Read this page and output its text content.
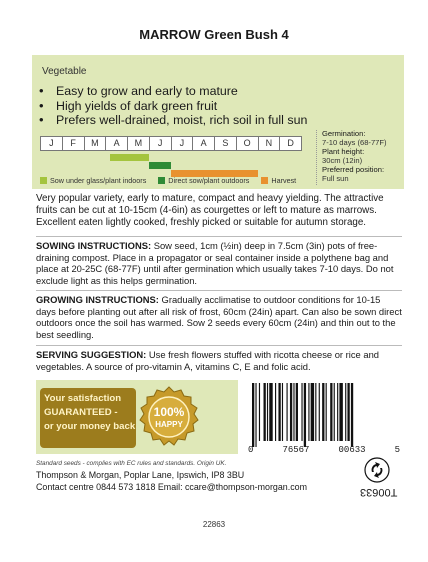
MARROW Green Bush 4
Vegetable
• Easy to grow and early to mature
• High yields of dark green fruit
• Prefers well-drained, moist, rich soil in full sun
J	F	M	A	M	J	J	A	S	O	N	D
Sow under glass/plant indoors	Direct sow/plant outdoors	Harvest
Germination:
7-10 days (68-77F)
Plant height:
30cm (12in)
Preferred position:
Full sun
Very popular variety, early to mature, compact and heavy yielding. The attractive fruits can be cut at 10-15cm (4-6in) as courgettes or left to mature as marrows. Excellent eaten lightly cooked, freshly picked or suitable for autumn storage.
SOWING INSTRUCTIONS: Sow seed, 1cm (½in) deep in 7.5cm (3in) pots of free-draining compost. Place in a propagator or seal container inside a polythene bag and place at 20-25C (68-77F) until after germination which usually takes 7-10 days. Do not exclude light as this helps germination.
GROWING INSTRUCTIONS: Gradually acclimatise to outdoor conditions for 10-15 days before planting out after all risk of frost, 60cm (24in) apart. Can also be sown direct outdoors once the soil has warmed. Sow 2 seeds every 60cm (24in) and thin out to the best seedling.
SERVING SUGGESTION: Use fresh flowers stuffed with ricotta cheese or rice and vegetables. A source of pro-vitamin A, vitamins C, E and folic acid.
Your satisfaction
GUARANTEED -
or your money back
100%
HAPPY
0	76567	00633	5
Standard seeds - complies with EC rules and standards. Origin UK.
Thompson & Morgan, Poplar Lane, Ipswich, IP8 3BU
Contact centre 0844 573 1818 Email: ccare@thompson-morgan.com	T00633
22863
